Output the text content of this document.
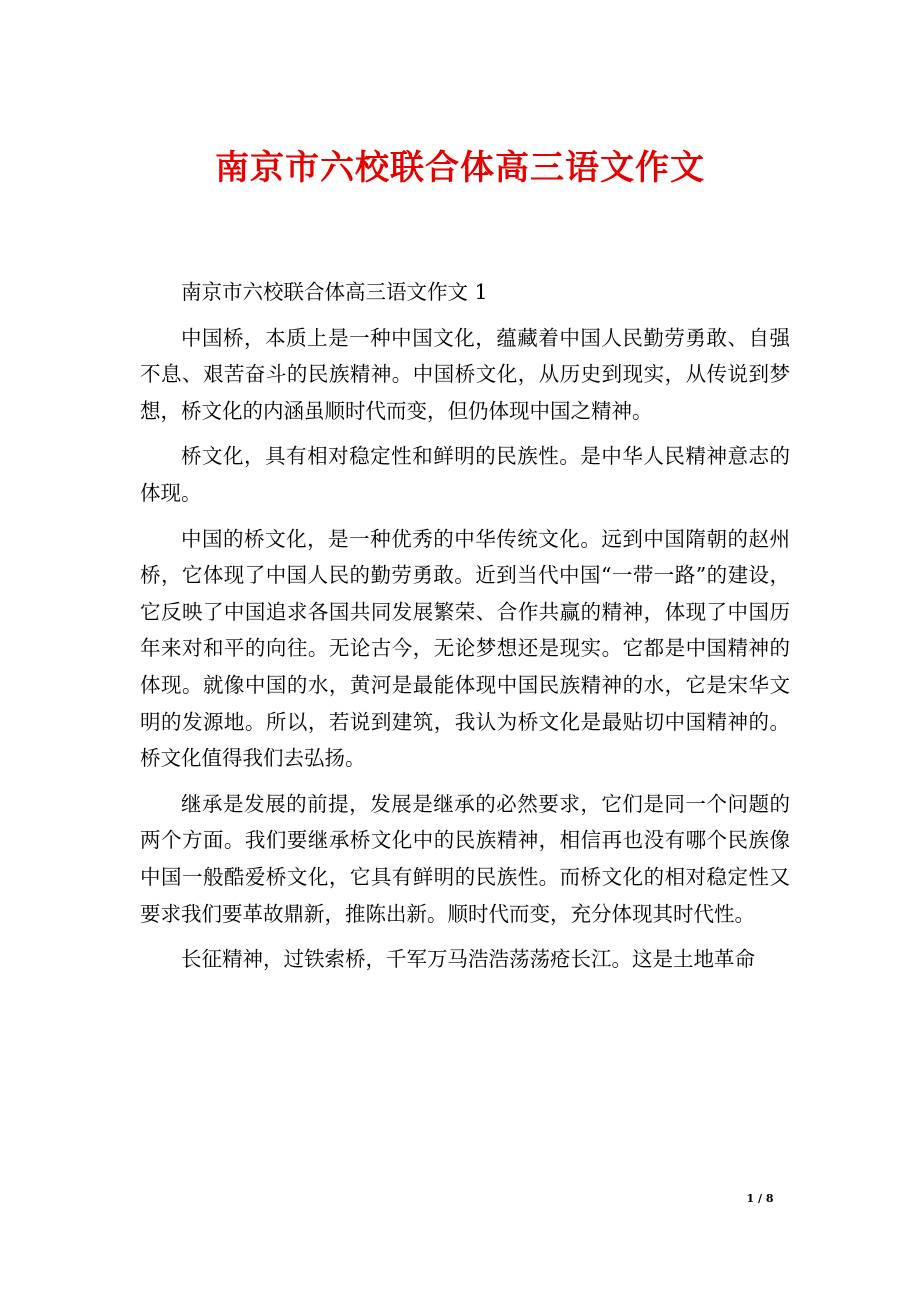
南京市六校联合体高三语文作文

南京市六校联合体高三语文作文 1

中国桥，本质上是一种中国文化，蕴藏着中国人民勤劳勇敢、自强不息、艰苦奋斗的民族精神。中国桥文化，从历史到现实，从传说到梦想，桥文化的内涵虽顺时代而变，但仍体现中国之精神。

桥文化，具有相对稳定性和鲜明的民族性。是中华人民精神意志的体现。

中国的桥文化，是一种优秀的中华传统文化。远到中国隋朝的赵州桥，它体现了中国人民的勤劳勇敢。近到当代中国“一带一路”的建设，它反映了中国追求各国共同发展繁荣、合作共赢的精神，体现了中国历年来对和平的向往。无论古今，无论梦想还是现实。它都是中国精神的体现。就像中国的水，黄河是最能体现中国民族精神的水，它是宋华文明的发源地。所以，若说到建筑，我认为桥文化是最贴切中国精神的。桥文化值得我们去弘扬。

继承是发展的前提，发展是继承的必然要求，它们是同一个问题的两个方面。我们要继承桥文化中的民族精神，相信再也没有哪个民族像中国一般酷爱桥文化，它具有鲜明的民族性。而桥文化的相对稳定性又要求我们要革故鼎新，推陈出新。顺时代而变，充分体现其时代性。

长征精神，过铁索桥，千军万马浩浩荡荡疮长江。这是土地革命

1 / 8
